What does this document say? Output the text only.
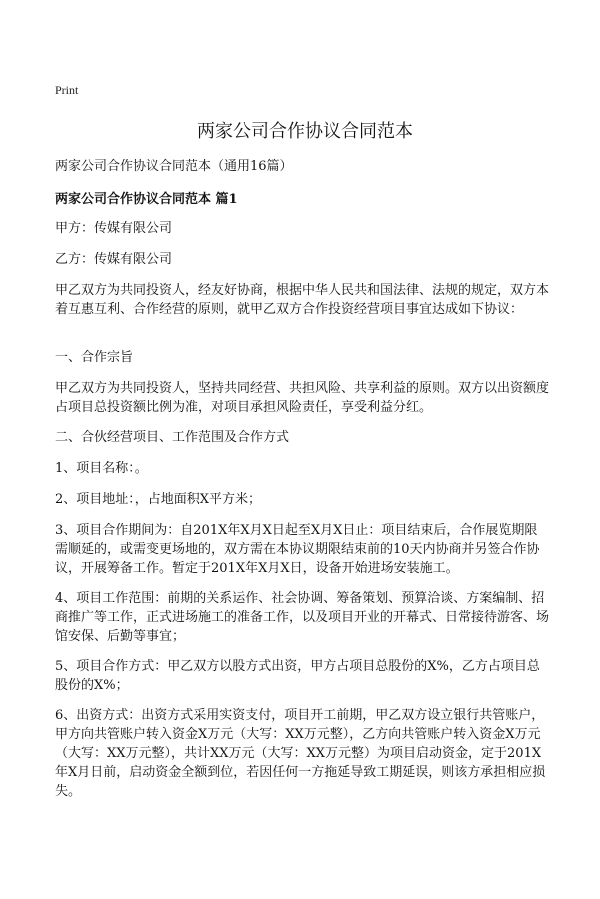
Print
两家公司合作协议合同范本
两家公司合作协议合同范本（通用16篇）
两家公司合作协议合同范本 篇1

甲方：传媒有限公司

乙方：传媒有限公司

甲乙双方为共同投资人，经友好协商，根据中华人民共和国法律、法规的规定，双方本着互惠互利、合作经营的原则，就甲乙双方合作投资经营项目事宜达成如下协议：

一、合作宗旨

甲乙双方为共同投资人，坚持共同经营、共担风险、共享利益的原则。双方以出资额度占项目总投资额比例为准，对项目承担风险责任，享受利益分红。

二、合伙经营项目、工作范围及合作方式

1、项目名称：。

2、项目地址：，占地面积X平方米；

3、项目合作期间为：自201X年X月X日起至X月X日止：项目结束后，合作展览期限需顺延的，或需变更场地的，双方需在本协议期限结束前的10天内协商并另签合作协议，开展筹备工作。暂定于201X年X月X日，设备开始进场安装施工。

4、项目工作范围：前期的关系运作、社会协调、筹备策划、预算洽谈、方案编制、招商推广等工作，正式进场施工的准备工作，以及项目开业的开幕式、日常接待游客、场馆安保、后勤等事宜；

5、项目合作方式：甲乙双方以股方式出资，甲方占项目总股份的X%，乙方占项目总股份的X%；

6、出资方式：出资方式采用实资支付，项目开工前期，甲乙双方设立银行共管账户，甲方向共管账户转入资金X万元（大写：XX万元整），乙方向共管账户转入资金X万元（大写：XX万元整），共计XX万元（大写：XX万元整）为项目启动资金，定于201X年X月日前，启动资金全额到位，若因任何一方拖延导致工期延误，则该方承担相应损失。
